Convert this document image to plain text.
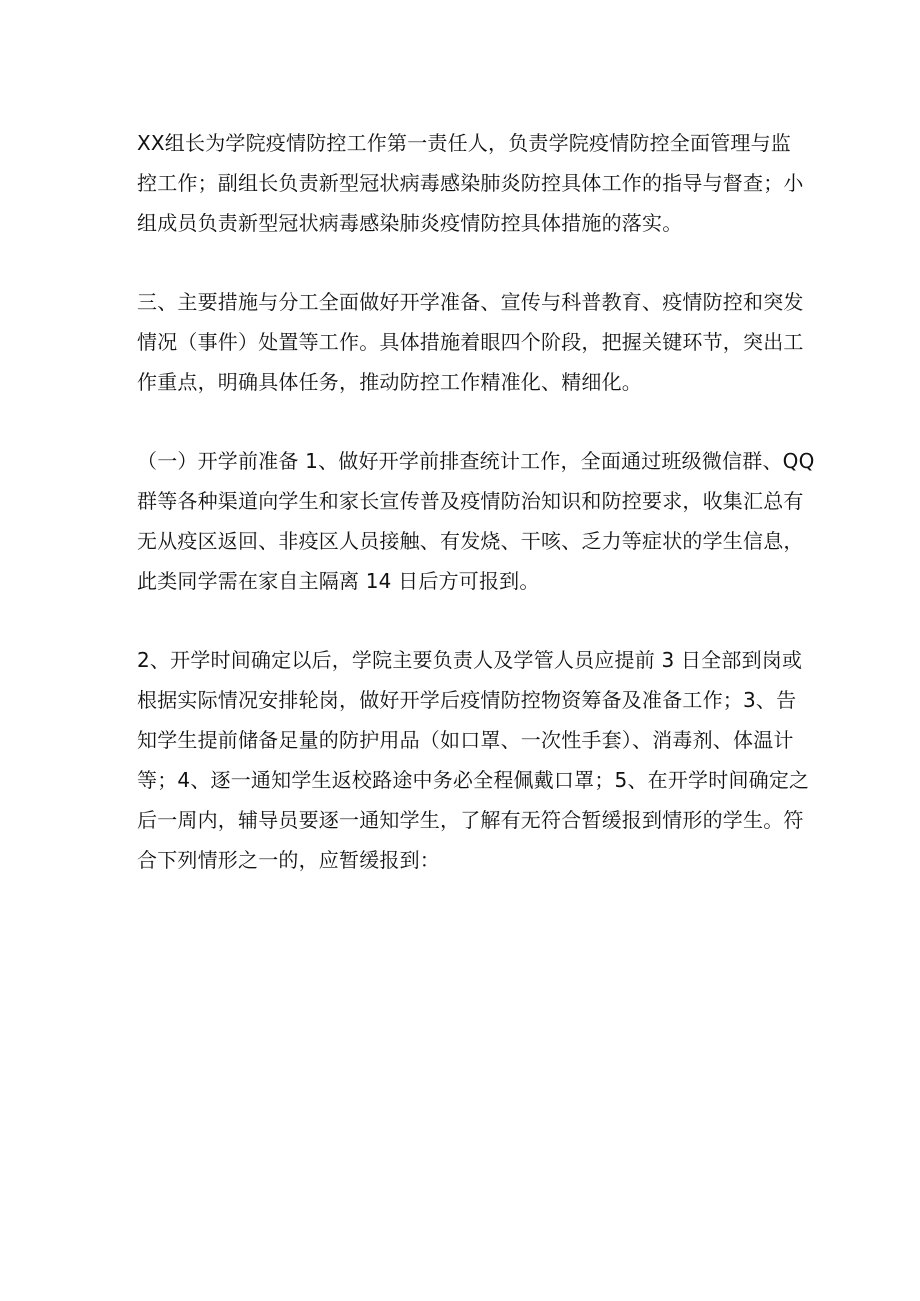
XX组长为学院疫情防控工作第一责任人，负责学院疫情防控全面管理与监
控工作；副组长负责新型冠状病毒感染肺炎防控具体工作的指导与督查；小
组成员负责新型冠状病毒感染肺炎疫情防控具体措施的落实。

三、主要措施与分工全面做好开学准备、宣传与科普教育、疫情防控和突发
情况（事件）处置等工作。具体措施着眼四个阶段，把握关键环节，突出工
作重点，明确具体任务，推动防控工作精准化、精细化。

（一）开学前准备 1、做好开学前排查统计工作，全面通过班级微信群、QQ
群等各种渠道向学生和家长宣传普及疫情防治知识和防控要求，收集汇总有
无从疫区返回、非疫区人员接触、有发烧、干咳、乏力等症状的学生信息，
此类同学需在家自主隔离 14 日后方可报到。

2、开学时间确定以后，学院主要负责人及学管人员应提前 3 日全部到岗或
根据实际情况安排轮岗，做好开学后疫情防控物资筹备及准备工作；3、告
知学生提前储备足量的防护用品（如口罩、一次性手套）、消毒剂、体温计
等；4、逐一通知学生返校路途中务必全程佩戴口罩；5、在开学时间确定之
后一周内，辅导员要逐一通知学生，了解有无符合暂缓报到情形的学生。符
合下列情形之一的，应暂缓报到：
